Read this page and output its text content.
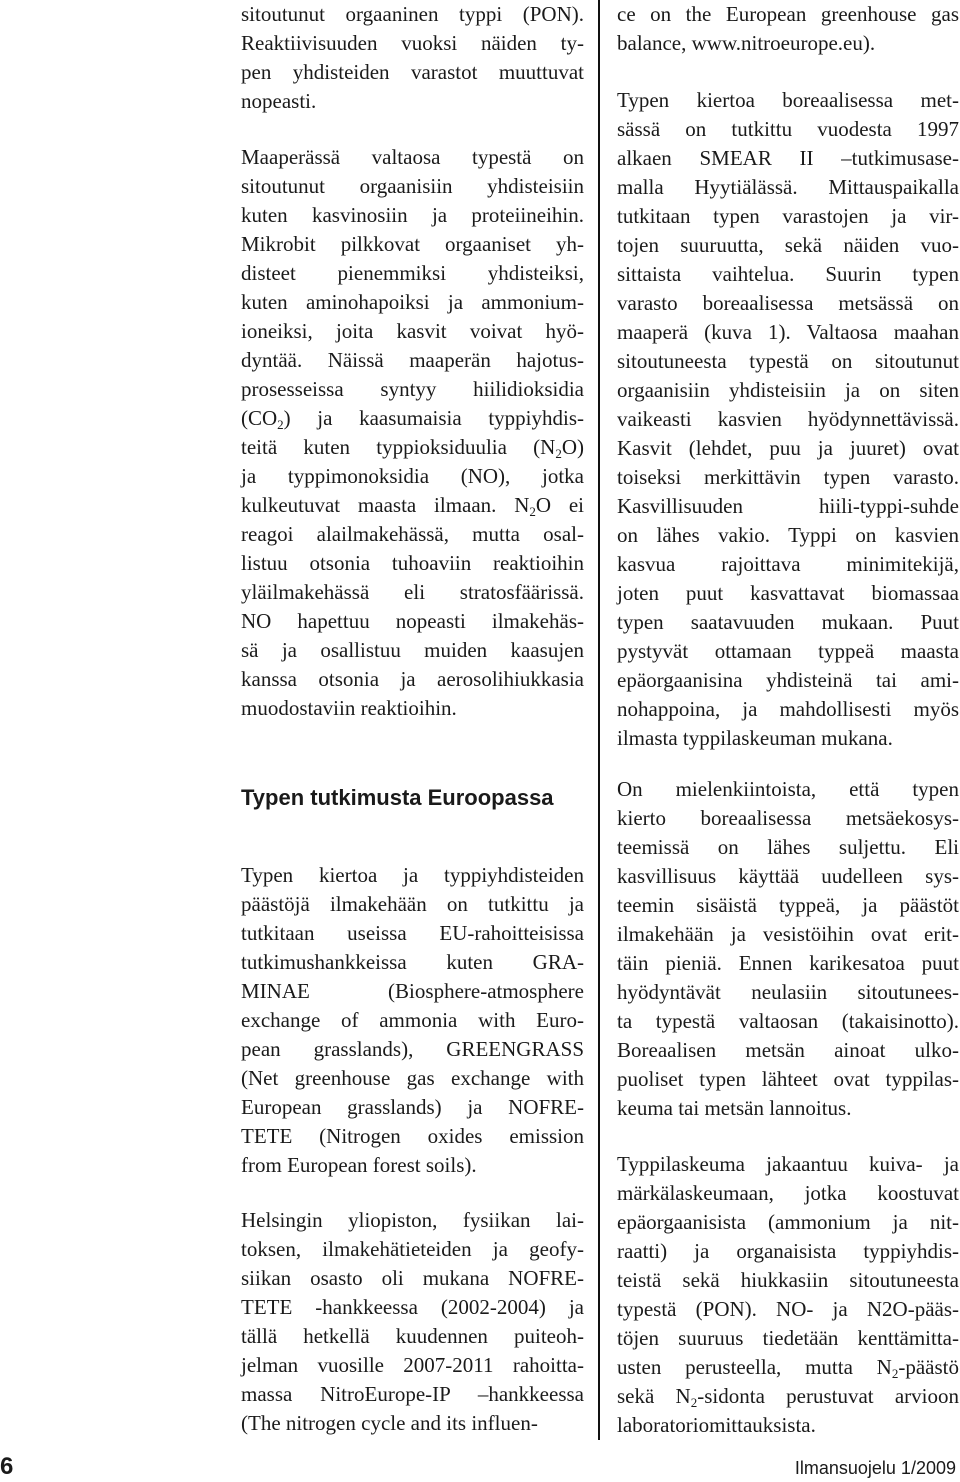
Typen tutkimusta Euroopassa
sitoutunut orgaaninen typpi (PON).
Reaktiivisuuden vuoksi näiden ty-
pen yhdisteiden varastot muuttuvat
nopeasti.
Maaperässä valtaosa typestä on
sitoutunut orgaanisiin yhdisteisiin
kuten kasvinosiin ja proteiineihin.
Mikrobit pilkkovat orgaaniset yh-
disteet pienemmiksi yhdisteiksi,
kuten aminohapoiksi ja ammonium-
ioneiksi, joita kasvit voivat hyö-
dyntää. Näissä maaperän hajotus-
prosesseissa syntyy hiilidioksidia
$(CO_2)$ ja kaasumaisia typpiyhdis-
teitä kuten typpioksiduulia $(N_2O)$
ja typpimonoksidia (NO), jotka
kulkeutuvat maasta ilmaan. $N_2O$ ei
reagoi alailmakehässä, mutta osal-
listuu otsonia tuhoaviin reaktioihin
yläilmakehässä eli stratosfäärissä.
NO hapettuu nopeasti ilmakehäs-
sä ja osallistuu muiden kaasujen
kanssa otsonia ja aerosolihiukkasia
muodostaviin reaktioihin.
Typen kiertoa ja typpiyhdisteiden
päästöjä ilmakehään on tutkittu ja
tutkitaan useissa EU-rahoitteisissa
tutkimushankkeissa kuten GRA-
MINAE (Biosphere-atmosphere
exchange of ammonia with Euro-
pean grasslands), GREENGRASS
(Net greenhouse gas exchange with
European grasslands) ja NOFRE-
TETE (Nitrogen oxides emission
from European forest soils).
Helsingin yliopiston, fysiikan lai-
toksen, ilmakehätieteiden ja geofy-
siikan osasto oli mukana NOFRE-
TETE -hankkeessa (2002-2004) ja
tällä hetkellä kuudennen puiteoh-
jelman vuosille 2007-2011 rahoitta-
massa NitroEurope-IP –hankkeessa
(The nitrogen cycle and its influen-
ce on the European greenhouse gas
balance, www.nitroeurope.eu).
Typen kiertoa boreaalisessa met-
sässä on tutkittu vuodesta 1997
alkaen SMEAR II –tutkimusase-
malla Hyytiälässä. Mittauspaikalla
tutkitaan typen varastojen ja vir-
tojen suuruutta, sekä näiden vuo-
sittaista vaihtelua. Suurin typen
varasto boreaalisessa metsässä on
maaperä (kuva 1). Valtaosa maahan
sitoutuneesta typestä on sitoutunut
orgaanisiin yhdisteisiin ja on siten
vaikeasti kasvien hyödynnettävissä.
Kasvit (lehdet, puu ja juuret) ovat
toiseksi merkittävin typen varasto.
Kasvillisuuden hiili-typpi-suhde
on lähes vakio. Typpi on kasvien
kasvua rajoittava minimitekijä,
joten puut kasvattavat biomassaa
typen saatavuuden mukaan. Puut
pystyvät ottamaan typpeä maasta
epäorgaanisina yhdisteinä tai ami-
nohappoina, ja mahdollisesti myös
ilmasta typpilaskeuman mukana.
On mielenkiintoista, että typen
kierto boreaalisessa metsäekosys-
teemissä on lähes suljettu. Eli
kasvillisuus käyttää uudelleen sys-
teemin sisäistä typpeä, ja päästöt
ilmakehään ja vesistöihin ovat erit-
täin pieniä. Ennen karikesatoa puut
hyödyntävät neulasiin sitoutunees-
ta typestä valtaosan (takaisinotto).
Boreaalisen metsän ainoat ulko-
puoliset typen lähteet ovat typpilas-
keuma tai metsän lannoitus.
Typpilaskeuma jakaantuu kuiva- ja
märkälaskeumaan, jotka koostuvat
epäorgaanisista (ammonium ja nit-
raatti) ja organaisista typpiyhdis-
teistä sekä hiukkasiin sitoutuneesta
typestä (PON). NO- ja N2O-pääs-
töjen suuruus tiedetään kenttämitta-
usten perusteella, mutta $N_2$-päästö
sekä $N_2$-sidonta perustuvat arvioon
laboratoriomittauksista.
6	Ilmansuojelu 1/2009
